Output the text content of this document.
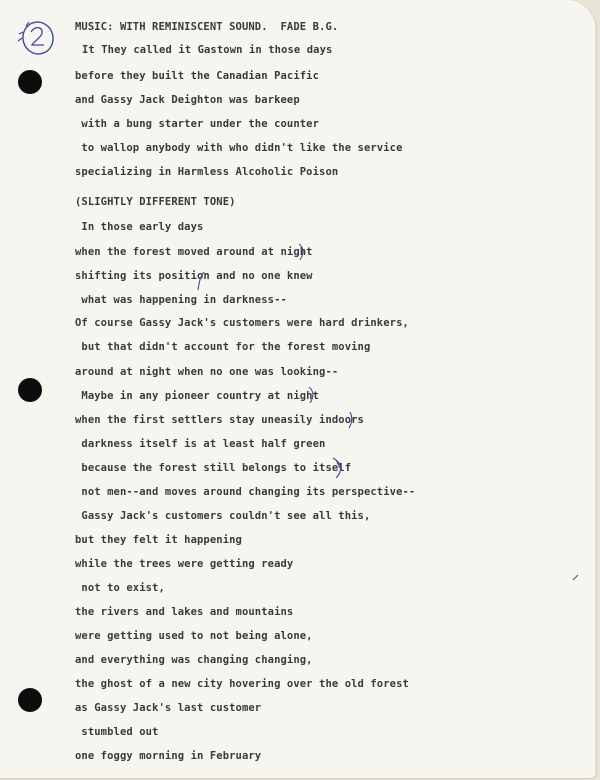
MUSIC: WITH REMINISCENT SOUND.  FADE B.G.
It They called it Gastown in those days
before they built the Canadian Pacific
and Gassy Jack Deighton was barkeep
with a bung starter under the counter
to wallop anybody with who didn't like the service
specializing in Harmless Alcoholic Poison
(SLIGHTLY DIFFERENT TONE)
In those early days
when the forest moved around at night
shifting its position and no one knew
what was happening in darkness--
Of course Gassy Jack's customers were hard drinkers,
but that didn't account for the forest moving
around at night when no one was looking--
Maybe in any pioneer country at night
when the first settlers stay uneasily indoors
darkness itself is at least half green
because the forest still belongs to itself
not men--and moves around changing its perspective--
Gassy Jack's customers couldn't see all this,
but they felt it happening
while the trees were getting ready
not to exist,
the rivers and lakes and mountains
were getting used to not being alone,
and everything was changing changing,
the ghost of a new city hovering over the old forest
as Gassy Jack's last customer
stumbled out
one foggy morning in February
